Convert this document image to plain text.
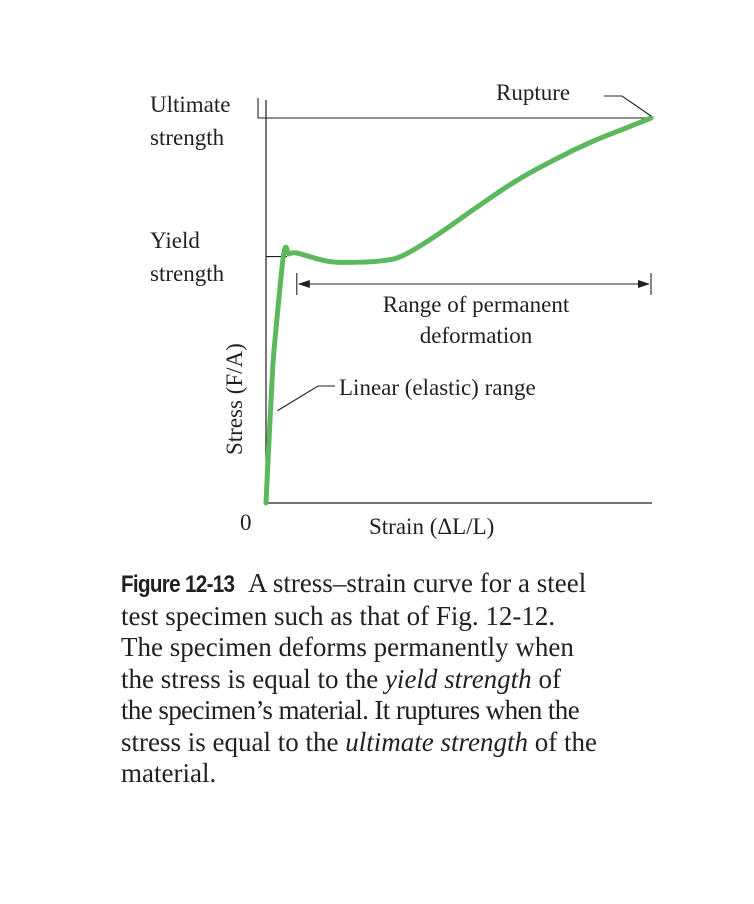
Ultimate
strength
Yield
strength
Rupture
Range of permanent
deformation
Linear (elastic) range
0	Strain (ΔL/L)
Stress (F/A)
Figure 12-13 A stress–strain curve for a steel
test specimen such as that of Fig. 12-12.
The specimen deforms permanently when
the stress is equal to the yield strength of
the specimen’s material. It ruptures when the
stress is equal to the ultimate strength of the
material.
